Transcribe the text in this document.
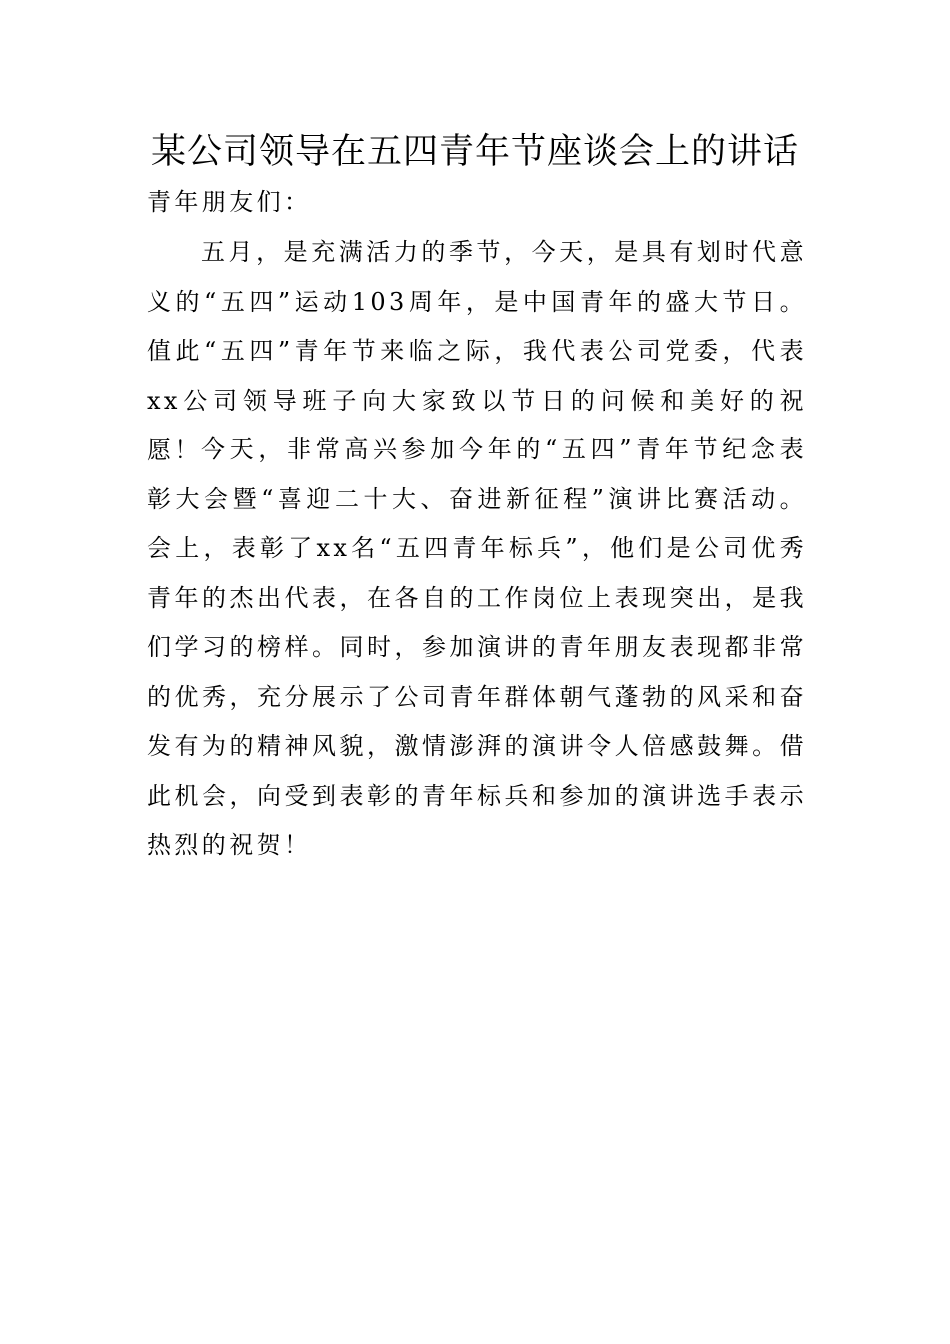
某公司领导在五四青年节座谈会上的讲话

青年朋友们：

五月，是充满活力的季节，今天，是具有划时代意义的“五四”运动103周年，是中国青年的盛大节日。值此“五四”青年节来临之际，我代表公司党委，代表xx公司领导班子向大家致以节日的问候和美好的祝愿！ 今天，非常高兴参加今年的“五四”青年节纪念表彰大会暨“喜迎二十大、奋进新征程”演讲比赛活动。会上，表彰了xx名“五四青年标兵”，他们是公司优秀青年的杰出代表，在各自的工作岗位上表现突出，是我们学习的榜样。同时，参加演讲的青年朋友表现都非常的优秀，充分展示了公司青年群体朝气蓬勃的风采和奋发有为的精神风貌，激情澎湃的演讲令人倍感鼓舞。借此机会，向受到表彰的青年标兵和参加的演讲选手表示热烈的祝贺！
